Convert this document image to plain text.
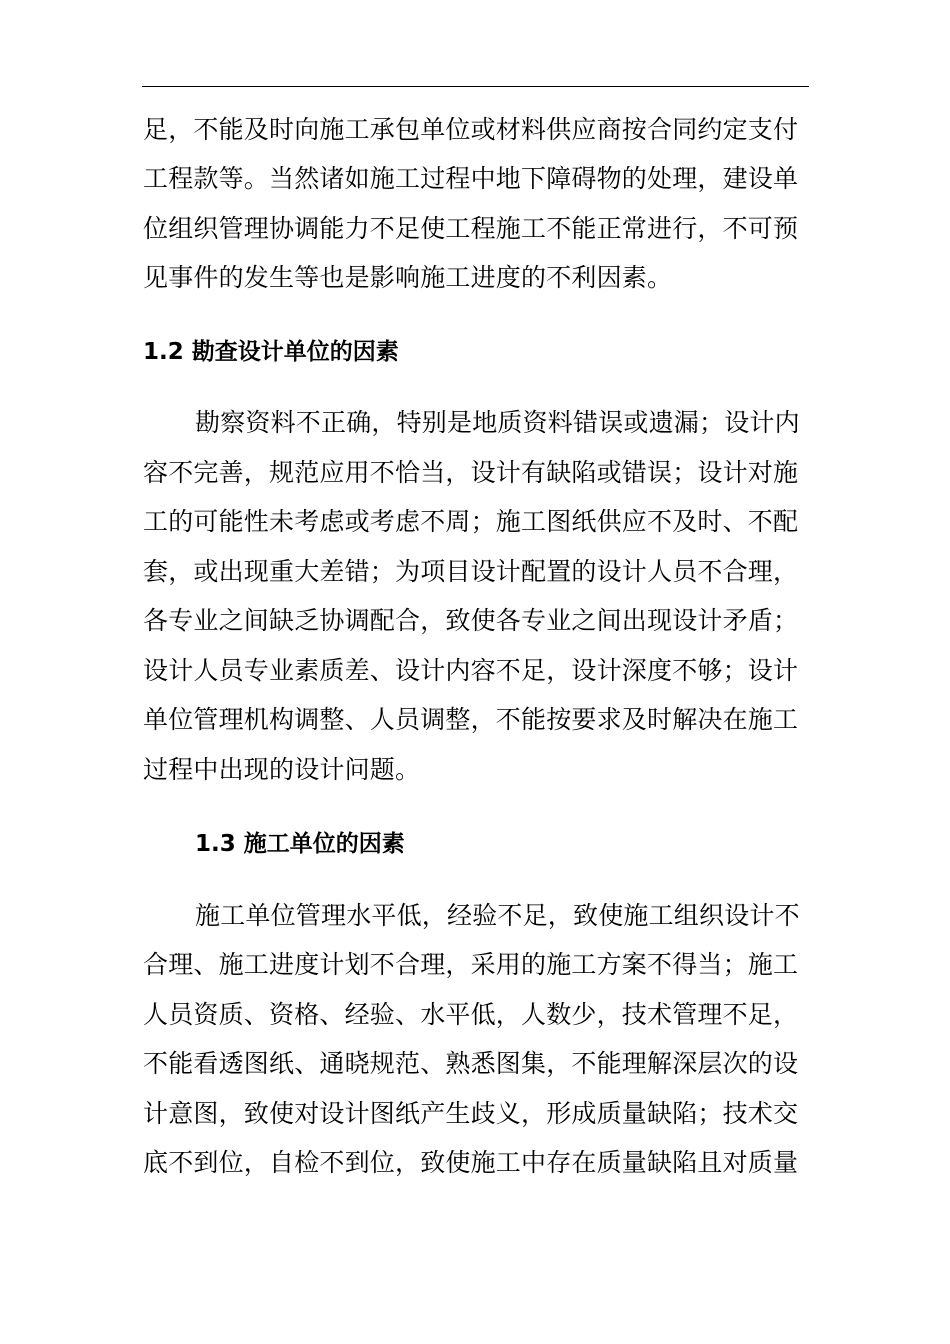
足，不能及时向施工承包单位或材料供应商按合同约定支付
工程款等。当然诸如施工过程中地下障碍物的处理，建设单
位组织管理协调能力不足使工程施工不能正常进行，不可预
见事件的发生等也是影响施工进度的不利因素。
1.2 勘查设计单位的因素
勘察资料不正确，特别是地质资料错误或遗漏；设计内
容不完善，规范应用不恰当，设计有缺陷或错误；设计对施
工的可能性未考虑或考虑不周；施工图纸供应不及时、不配
套，或出现重大差错；为项目设计配置的设计人员不合理，
各专业之间缺乏协调配合，致使各专业之间出现设计矛盾；
设计人员专业素质差、设计内容不足，设计深度不够；设计
单位管理机构调整、人员调整，不能按要求及时解决在施工
过程中出现的设计问题。
1.3 施工单位的因素
施工单位管理水平低，经验不足，致使施工组织设计不
合理、施工进度计划不合理，采用的施工方案不得当；施工
人员资质、资格、经验、水平低，人数少，技术管理不足，
不能看透图纸、通晓规范、熟悉图集，不能理解深层次的设
计意图，致使对设计图纸产生歧义，形成质量缺陷；技术交
底不到位，自检不到位，致使施工中存在质量缺陷且对质量
